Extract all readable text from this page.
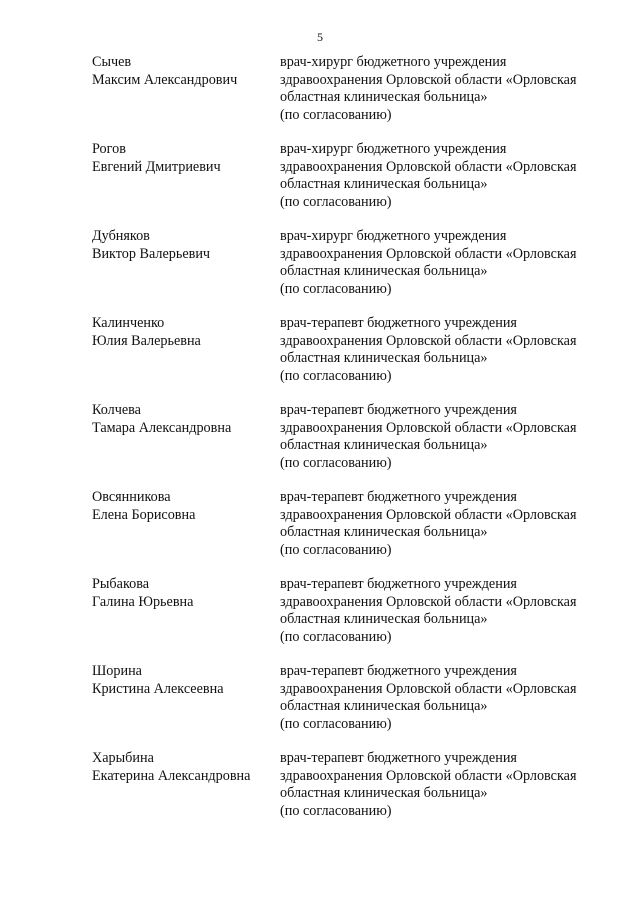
5
Сычев
Максим Александрович
врач-хирург бюджетного учреждения
здравоохранения Орловской области «Орловская
областная клиническая больница»
(по согласованию)
Рогов
Евгений Дмитриевич
врач-хирург бюджетного учреждения
здравоохранения Орловской области «Орловская
областная клиническая больница»
(по согласованию)
Дубняков
Виктор Валерьевич
врач-хирург бюджетного учреждения
здравоохранения Орловской области «Орловская
областная клиническая больница»
(по согласованию)
Калинченко
Юлия Валерьевна
врач-терапевт бюджетного учреждения
здравоохранения Орловской области «Орловская
областная клиническая больница»
(по согласованию)
Колчева
Тамара Александровна
врач-терапевт бюджетного учреждения
здравоохранения Орловской области «Орловская
областная клиническая больница»
(по согласованию)
Овсянникова
Елена Борисовна
врач-терапевт бюджетного учреждения
здравоохранения Орловской области «Орловская
областная клиническая больница»
(по согласованию)
Рыбакова
Галина Юрьевна
врач-терапевт бюджетного учреждения
здравоохранения Орловской области «Орловская
областная клиническая больница»
(по согласованию)
Шорина
Кристина Алексеевна
врач-терапевт бюджетного учреждения
здравоохранения Орловской области «Орловская
областная клиническая больница»
(по согласованию)
Харыбина
Екатерина Александровна
врач-терапевт бюджетного учреждения
здравоохранения Орловской области «Орловская
областная клиническая больница»
(по согласованию)
